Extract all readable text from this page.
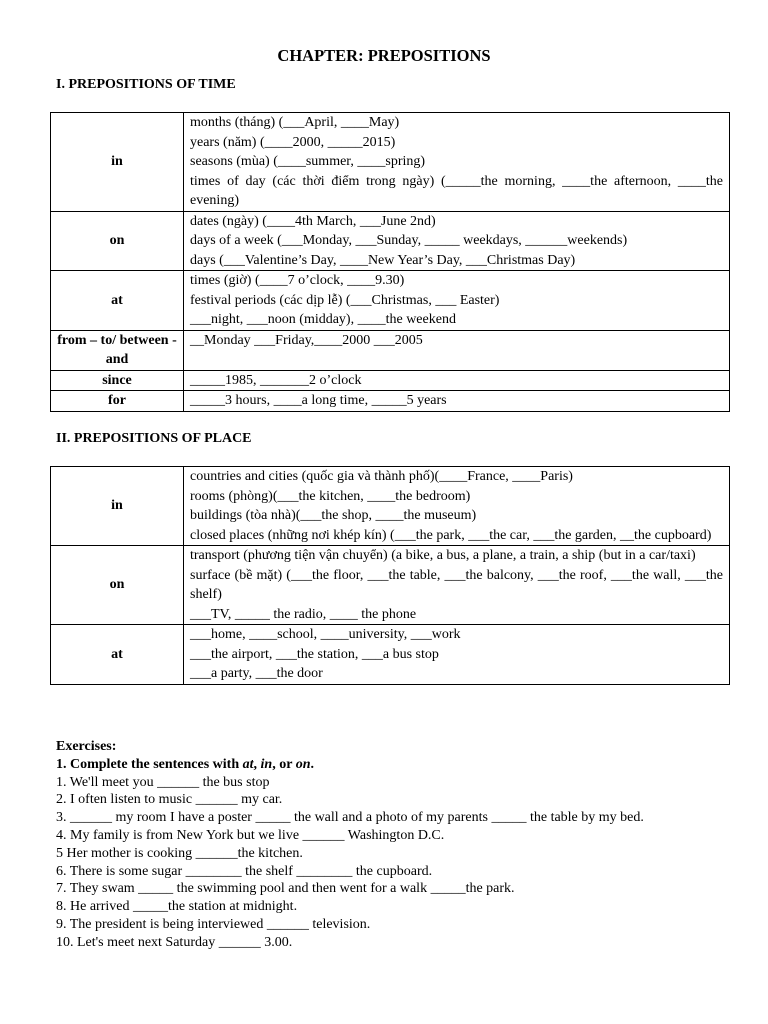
CHAPTER: PREPOSITIONS
I. PREPOSITIONS OF TIME
in	months (tháng) (___April, ____May)
years (năm) (____2000, _____2015)
seasons (mùa) (____summer, ____spring)
times of day (các thời điểm trong ngày) (_____the morning, ____the afternoon, ____the evening)

on	dates (ngày) (____4th March, ___June 2nd)
days of a week (___Monday, ___Sunday, _____ weekdays, ______weekends)
days (___Valentine’s Day, ____New Year’s Day, ___Christmas Day)

at	times (giờ) (____7 o’clock, ____9.30)
festival periods (các dịp lễ) (___Christmas, ___ Easter)
___night, ___noon (midday), ____the weekend

from – to/ between - and	__Monday ___Friday,____2000 ___2005

since	_____1985, _______2 o’clock

for	_____3 hours, ____a long time, _____5 years
II. PREPOSITIONS OF PLACE
in	countries and cities (quốc gia và thành phố)(____France, ____Paris)
rooms (phòng)(___the kitchen, ____the bedroom)
buildings (tòa nhà)(___the shop, ____the museum)
closed places (những nơi khép kín) (___the park, ___the car, ___the garden, __the cupboard)

on	transport (phương tiện vận chuyển) (a bike, a bus, a plane, a train, a ship (but in a car/taxi)
surface (bề mặt) (___the floor, ___the table, ___the balcony, ___the roof, ___the wall, ___the shelf)
___TV, _____ the radio, ____ the phone

at	___home, ____school, ____university, ___work
___the airport, ___the station, ___a bus stop
___a party, ___the door
Exercises:
1. Complete the sentences with at, in, or on.
1. We'll meet you ______ the bus stop
2. I often listen to music ______ my car.
3. ______ my room I have a poster _____ the wall and a photo of my parents _____ the table by my bed.
4. My family is from New York but we live ______ Washington D.C.
5 Her mother is cooking ______the kitchen.
6. There is some sugar ________ the shelf ________ the cupboard.
7. They swam _____ the swimming pool and then went for a walk _____the park.
8. He arrived _____the station at midnight.
9. The president is being interviewed ______ television.
10. Let's meet next Saturday ______ 3.00.
